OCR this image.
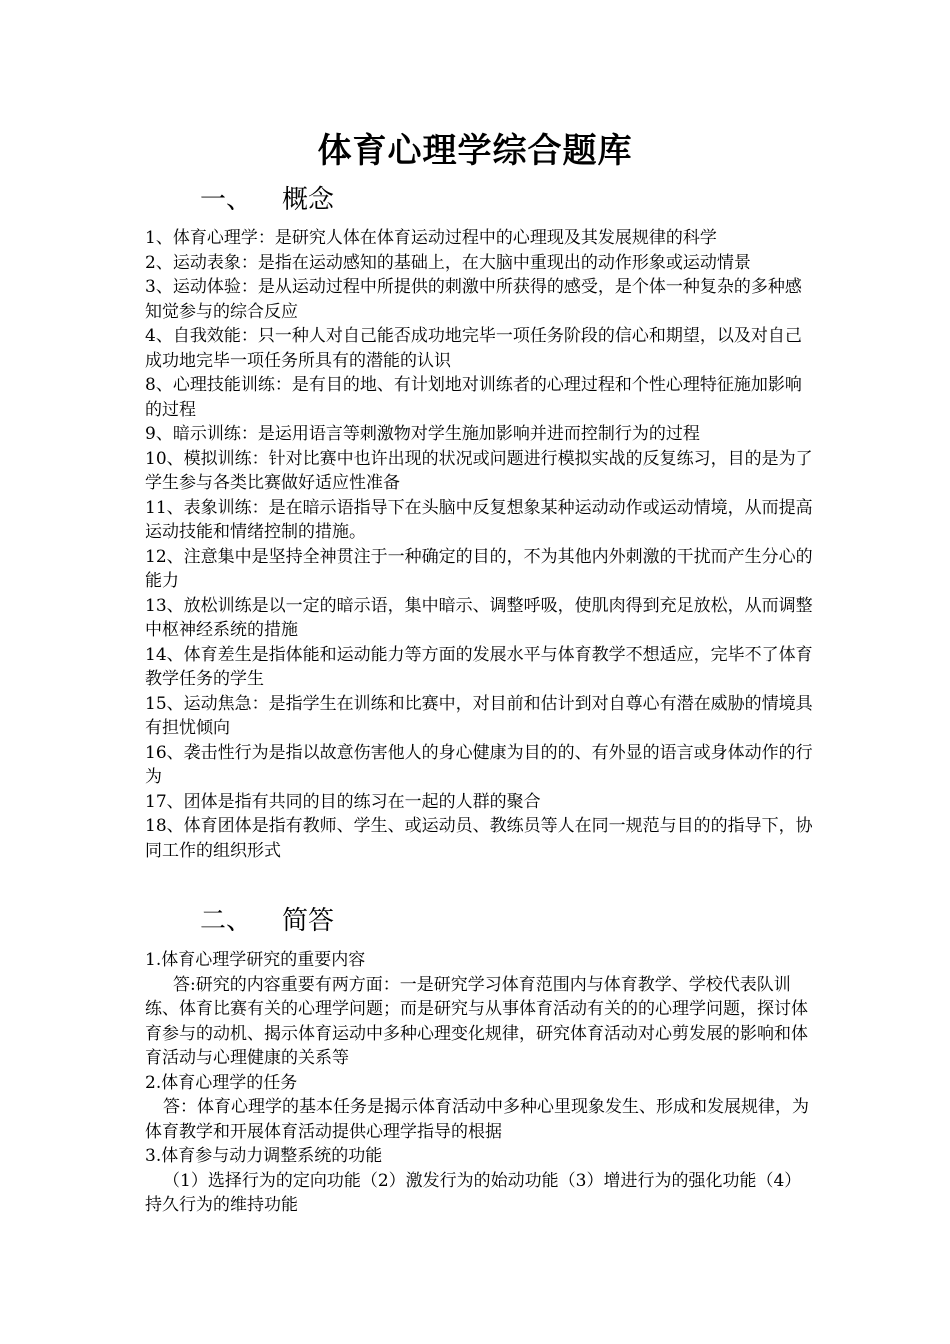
体育心理学综合题库
一、 概念

1、体育心理学：是研究人体在体育运动过程中的心理现及其发展规律的科学

2、运动表象：是指在运动感知的基础上，在大脑中重现出的动作形象或运动情景

3、运动体验：是从运动过程中所提供的刺激中所获得的感受，是个体一种复杂的多种感知觉参与的综合反应

4、自我效能：只一种人对自己能否成功地完毕一项任务阶段的信心和期望，以及对自己成功地完毕一项任务所具有的潜能的认识

8、心理技能训练：是有目的地、有计划地对训练者的心理过程和个性心理特征施加影响的过程

9、暗示训练：是运用语言等刺激物对学生施加影响并进而控制行为的过程

10、模拟训练：针对比赛中也许出现的状况或问题进行模拟实战的反复练习，目的是为了学生参与各类比赛做好适应性准备

11、表象训练：是在暗示语指导下在头脑中反复想象某种运动动作或运动情境，从而提高运动技能和情绪控制的措施。

12、注意集中是坚持全神贯注于一种确定的目的，不为其他内外刺激的干扰而产生分心的能力

13、放松训练是以一定的暗示语，集中暗示、调整呼吸，使肌肉得到充足放松，从而调整中枢神经系统的措施

14、体育差生是指体能和运动能力等方面的发展水平与体育教学不想适应，完毕不了体育教学任务的学生

15、运动焦急：是指学生在训练和比赛中，对目前和估计到对自尊心有潜在威胁的情境具有担忧倾向

16、袭击性行为是指以故意伤害他人的身心健康为目的的、有外显的语言或身体动作的行为

17、团体是指有共同的目的练习在一起的人群的聚合

18、体育团体是指有教师、学生、或运动员、教练员等人在同一规范与目的的指导下，协同工作的组织形式

二、 简答

1.体育心理学研究的重要内容

答:研究的内容重要有两方面：一是研究学习体育范围内与体育教学、学校代表队训练、体育比赛有关的心理学问题；而是研究与从事体育活动有关的的心理学问题，探讨体育参与的动机、揭示体育运动中多种心理变化规律，研究体育活动对心剪发展的影响和体育活动与心理健康的关系等

2.体育心理学的任务

答：体育心理学的基本任务是揭示体育活动中多种心里现象发生、形成和发展规律，为体育教学和开展体育活动提供心理学指导的根据

3.体育参与动力调整系统的功能

（1）选择行为的定向功能（2）激发行为的始动功能（3）增进行为的强化功能（4）持久行为的维持功能
